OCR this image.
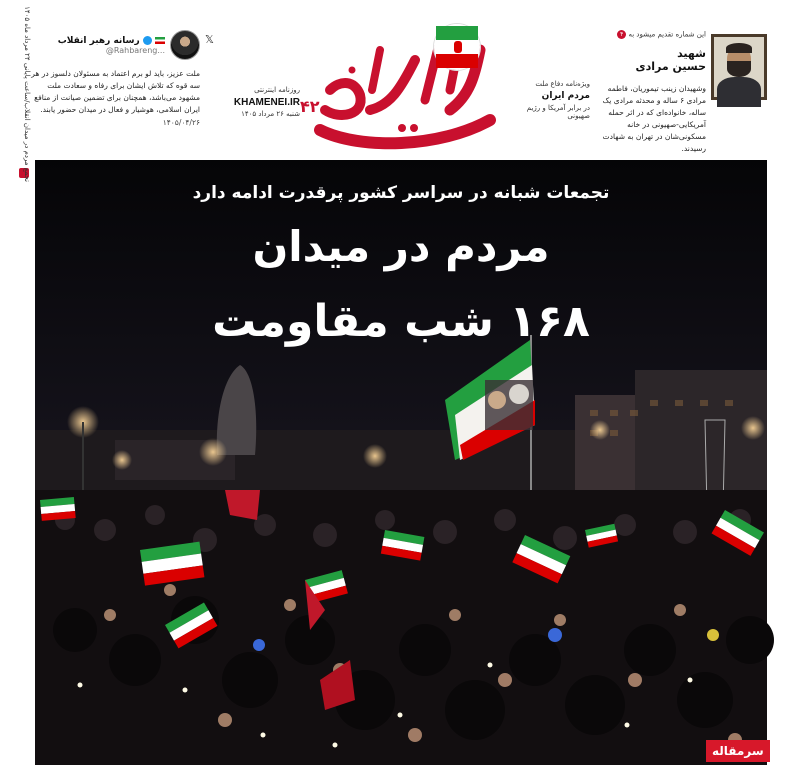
رسانه رهبر انقلاب
@Rahbareng...
ملت عزیز، باید لو برم اعتماد به مسئولان دلسوز در هر سه قوه که تلاش ایشان برای رفاه و سعادت ملت مشهود می‌باشد، همچنان برای تضمین صیانت از منافع ایران اسلامی، هوشیار و فعال در میدان حضور یابند.
۱۴۰۵/۰۴/۲۶
𝕏
۴۲۰
ویژه‌نامه دفاع ملت
مردم ایران
در برابر آمریکا و رژیم صهیونی
روزنامه اینترنتی
KHAMENEI.IR
شنبه ۲۶ مرداد ۱۴۰۵
این شماره تقدیم میشود به ۴
شهید
حسین مرادی
وشهیدان زینب تیموریان، فاطمه مرادی ۶ ساله و محدثه مرادی یک ساله، خانواده‌ای که در اثر حمله آمریکایی-صهیونی در خانه مسکونی‌شان در تهران به شهادت رسیدند.
تجمع مردم در میدان انقلاب/ساعت پایانی ۲۴ مرداد ماه ۱۴۰۵
تجمعات شبانه در سراسر کشور پرقدرت ادامه دارد
مردم در میدان
۱۶۸ شب مقاومت
سرمقاله
